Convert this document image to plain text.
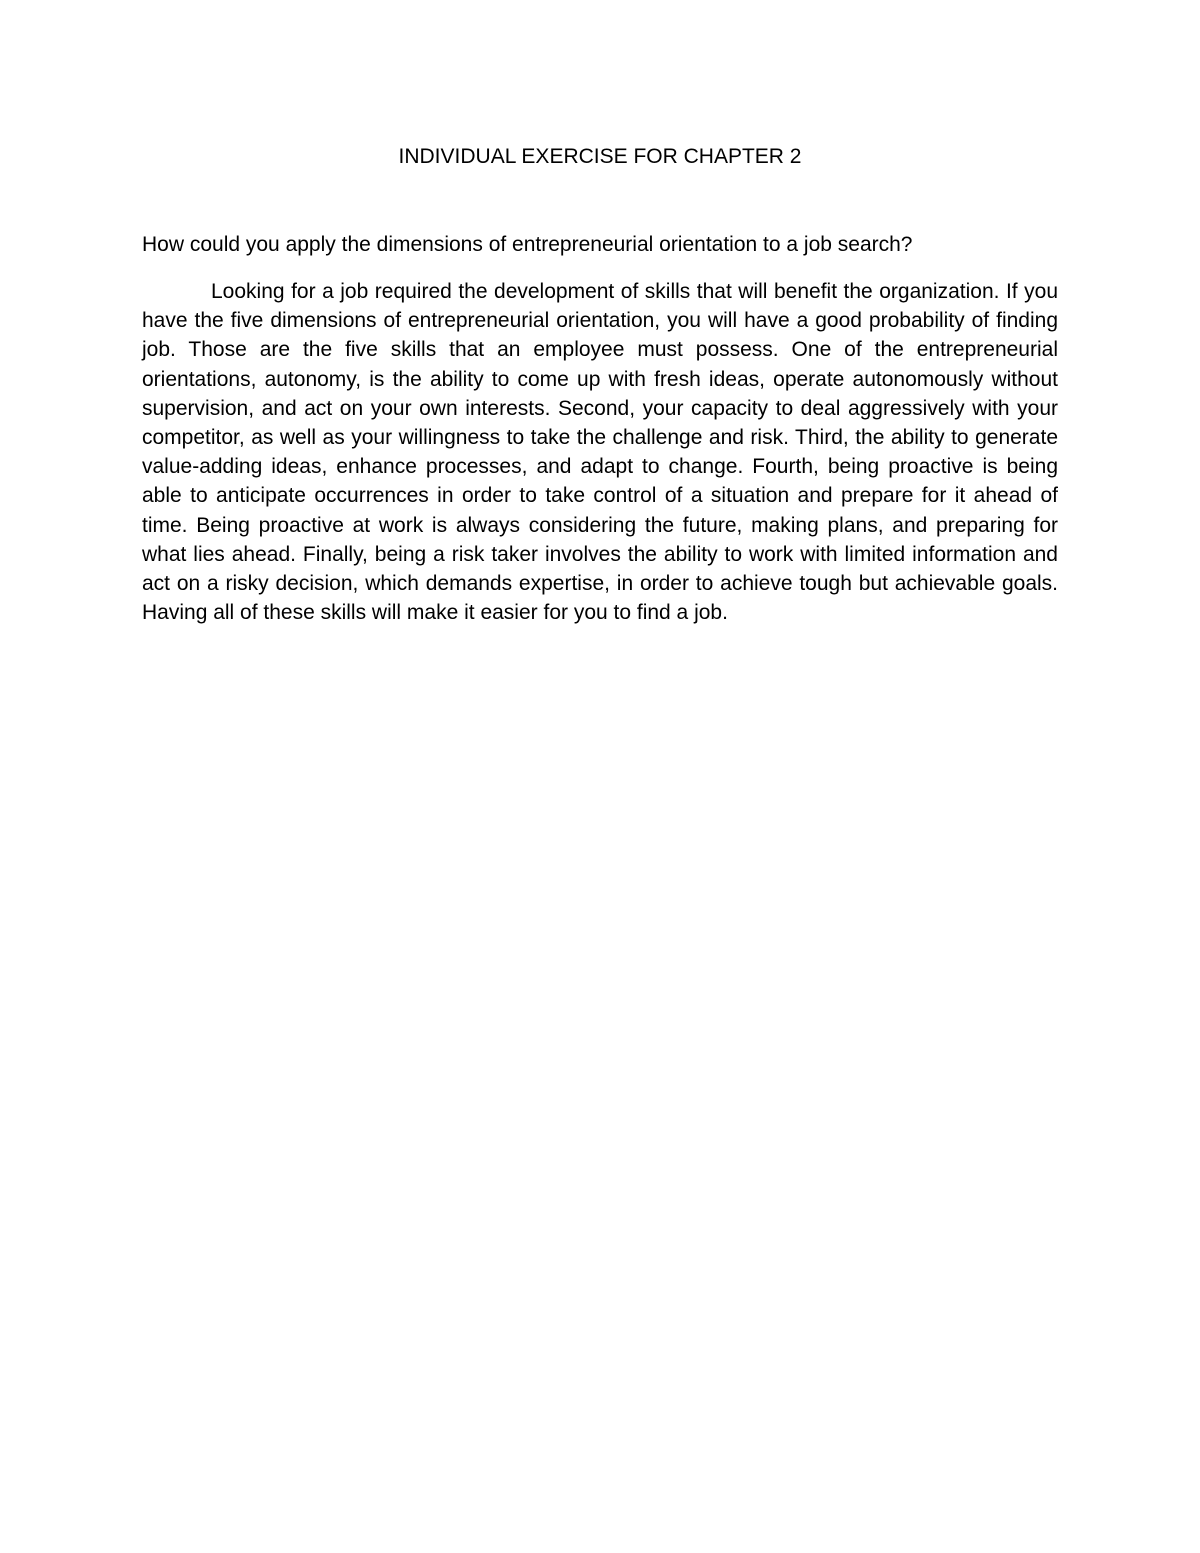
INDIVIDUAL EXERCISE FOR CHAPTER 2

How could you apply the dimensions of entrepreneurial orientation to a job search?

Looking for a job required the development of skills that will benefit the organization. If you have the five dimensions of entrepreneurial orientation, you will have a good probability of finding job. Those are the five skills that an employee must possess. One of the entrepreneurial orientations, autonomy, is the ability to come up with fresh ideas, operate autonomously without supervision, and act on your own interests. Second, your capacity to deal aggressively with your competitor, as well as your willingness to take the challenge and risk. Third, the ability to generate value-adding ideas, enhance processes, and adapt to change. Fourth, being proactive is being able to anticipate occurrences in order to take control of a situation and prepare for it ahead of time. Being proactive at work is always considering the future, making plans, and preparing for what lies ahead. Finally, being a risk taker involves the ability to work with limited information and act on a risky decision, which demands expertise, in order to achieve tough but achievable goals. Having all of these skills will make it easier for you to find a job.
